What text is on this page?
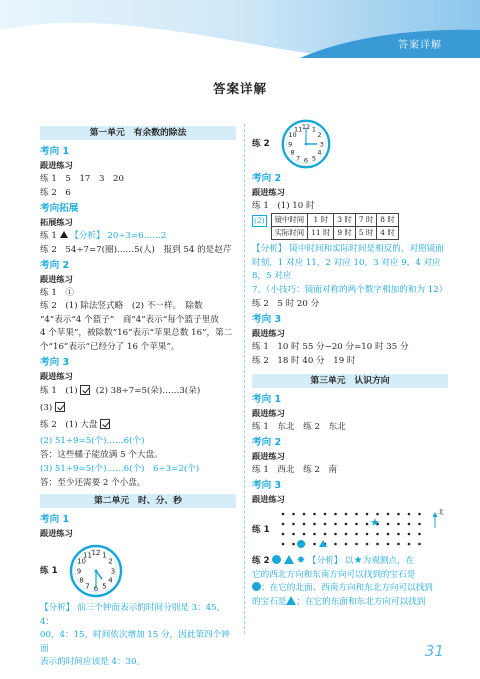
答案详解
答案详解
第一单元　有余数的除法
考向 1
跟进练习
练 1　5　17　3　20
练 2　6
考向拓展
拓展练习
练 1 【分析】 20÷3=6……2
练 2　54÷7=7(圈)……5(人)　报到 54 的是赵芹
考向 2
跟进练习
练 1　①
练 2　(1) 除法竖式略　(2) 不一样。　除数
“4”表示“4 个篮子”　商“4”表示“每个篮子里放
4 个苹果”，被除数“16”表示“苹果总数 16”，第二
个“16”表示“已经分了 16 个苹果”。
考向 3
跟进练习
练 1　(1) (2) 38÷7=5(朵)……3(朵)
(3)
练 2　(1) 大盘
(2) 51÷9=5(个)……6(个)
答：这些橘子能放满 5 个大盘。
(3) 51÷9=5(个)……6(个)　6÷3=2(个)
答：至少还需要 2 个小盘。
第二单元　时、分、秒
考向 1
跟进练习
练 1
12 1
2
3
4
5
6
7
8
9
10
11
【分析】 前三个钟面表示的时间分别是 3：45，4：
00，4：15，时间依次增加 15 分，因此第四个钟面
表示的时间应该是 4：30。
练 2
12 1
2
3
4
5
6
7
8
9
10
11
考向 2
跟进练习
练 1　(1) 10 时
(2) 镜中时间	1 时	3 时	7 时	8 时
实际时间	11 时	9 时	5 时	4 时
【分析】 镜中时间和实际时间是相反的，对照镜面
时刻，1 对应 11，2 对应 10，3 对应 9，4 对应 8，5 对应
7。（小技巧：镜面对称的两个数字相加的和为 12）
练 2　5 时 20 分
考向 3
跟进练习
练 1　10 时 55 分−20 分=10 时 35 分
练 2　18 时 40 分　19 时
第三单元　认识方向
考向 1
跟进练习
练 1　东北　练 2　东北
考向 2
跟进练习
练 1　西北　练 2　南
考向 3
跟进练习
练 1
北
★
练 2	✸ 【分析】 以★为观测点，在
它的西北方向和东南方向可以找到的宝石是
；在它的北面、西南方向和东北方向可以找到
的宝石是 ；在它的东面和东北方向可以找到
31
